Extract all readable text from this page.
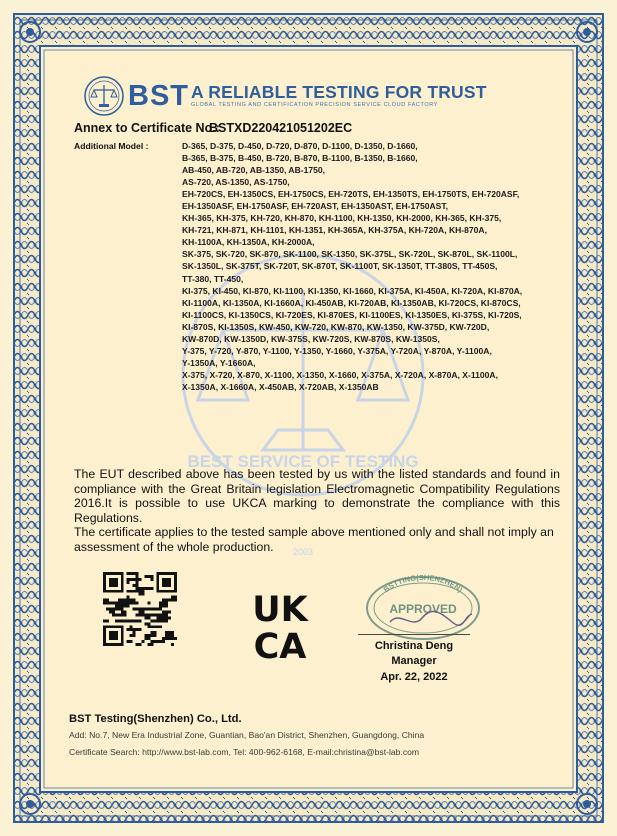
BEST SERVICE OF TESTING
2003
BST A RELIABLE TESTING FOR TRUST
GLOBAL TESTING AND CERTIFICATION PRECISION SERVICE CLOUD FACTORY
Annex to Certificate No.:
BSTXD220421051202EC
Additional Model :	D-365, D-375, D-450, D-720, D-870, D-1100, D-1350, D-1660,
B-365, B-375, B-450, B-720, B-870, B-1100, B-1350, B-1660,
AB-450, AB-720, AB-1350, AB-1750,
AS-720, AS-1350, AS-1750,
EH-720CS, EH-1350CS, EH-1750CS, EH-720TS, EH-1350TS, EH-1750TS, EH-720ASF,
EH-1350ASF, EH-1750ASF, EH-720AST, EH-1350AST, EH-1750AST,
KH-365, KH-375, KH-720, KH-870, KH-1100, KH-1350, KH-2000, KH-365, KH-375,
KH-721, KH-871, KH-1101, KH-1351, KH-365A, KH-375A, KH-720A, KH-870A,
KH-1100A, KH-1350A, KH-2000A,
SK-375, SK-720, SK-870, SK-1100, SK-1350, SK-375L, SK-720L, SK-870L, SK-1100L,
SK-1350L, SK-375T, SK-720T, SK-870T, SK-1100T, SK-1350T, TT-380S, TT-450S,
TT-380, TT-450,
KI-375, KI-450, KI-870, KI-1100, KI-1350, KI-1660, KI-375A, KI-450A, KI-720A, KI-870A,
KI-1100A, KI-1350A, KI-1660A, KI-450AB, KI-720AB, KI-1350AB, KI-720CS, KI-870CS,
KI-1100CS, KI-1350CS, KI-720ES, KI-870ES, KI-1100ES, KI-1350ES, KI-375S, KI-720S,
KI-870S, KI-1350S, KW-450, KW-720, KW-870, KW-1350, KW-375D, KW-720D,
KW-870D, KW-1350D, KW-375S, KW-720S, KW-870S, KW-1350S,
Y-375, Y-720, Y-870, Y-1100, Y-1350, Y-1660, Y-375A, Y-720A, Y-870A, Y-1100A,
Y-1350A, Y-1660A,
X-375, X-720, X-870, X-1100, X-1350, X-1660, X-375A, X-720A, X-870A, X-1100A,
X-1350A, X-1660A, X-450AB, X-720AB, X-1350AB
The EUT described above has been tested by us with the listed standards and found in compliance with the Great Britain legislation Electromagnetic Compatibility Regulations 2016.It is possible to use UKCA marking to demonstrate the compliance with this Regulations.
The certificate applies to the tested sample above mentioned only and shall not imply an assessment of the whole production.
UK
CA
BSTTING(SHENZHEN)
APPROVED
Christina Deng
Manager
Apr. 22, 2022
BST Testing(Shenzhen) Co., Ltd.
Add: No.7, New Era Industrial Zone, Guantian, Bao'an District, Shenzhen, Guangdong, China
Certificate Search: http://www.bst-lab.com, Tel: 400-962-6168, E-mail:christina@bst-lab.com
